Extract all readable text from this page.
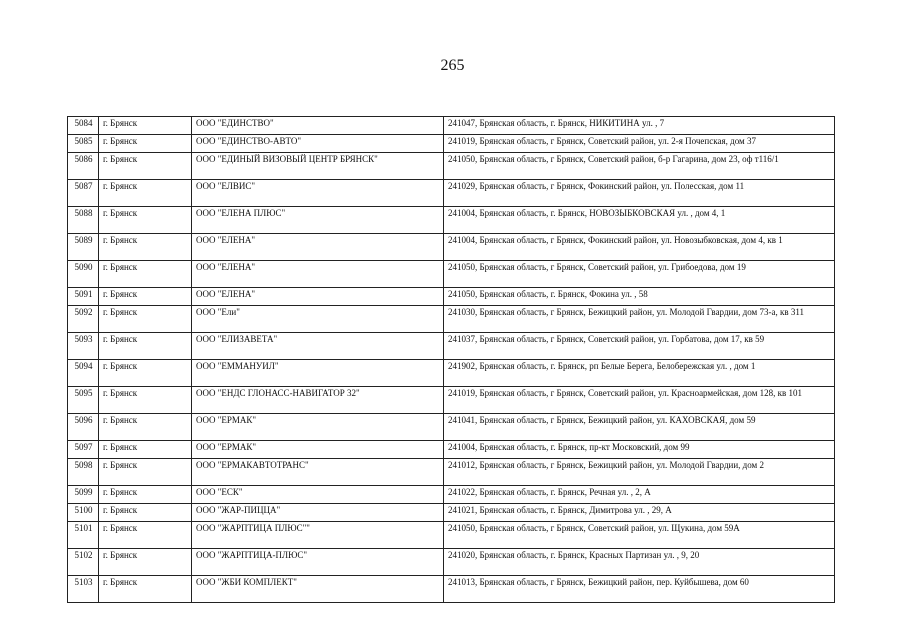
265
5084	г. Брянск	ООО "ЕДИНСТВО"	241047, Брянская область, г. Брянск, НИКИТИНА ул. , 7
5085	г. Брянск	ООО "ЕДИНСТВО-АВТО"	241019, Брянская область, г Брянск, Советский район, ул. 2-я Почепская, дом 37
5086	г. Брянск	ООО "ЕДИНЫЙ ВИЗОВЫЙ ЦЕНТР БРЯНСК"	241050, Брянская область, г Брянск, Советский район, б-р Гагарина, дом 23, оф т116/1
5087	г. Брянск	ООО "ЕЛВИС"	241029, Брянская область, г Брянск, Фокинский район, ул. Полесская, дом 11
5088	г. Брянск	ООО "ЕЛЕНА ПЛЮС"	241004, Брянская область, г. Брянск, НОВОЗЫБКОВСКАЯ ул. , дом 4, 1
5089	г. Брянск	ООО "ЕЛЕНА"	241004, Брянская область, г Брянск, Фокинский район, ул. Новозыбковская, дом 4, кв 1
5090	г. Брянск	ООО "ЕЛЕНА"	241050, Брянская область, г Брянск, Советский район, ул. Грибоедова, дом 19
5091	г. Брянск	ООО "ЕЛЕНА"	241050, Брянская область, г. Брянск, Фокина ул. , 58
5092	г. Брянск	ООО "Ели"	241030, Брянская область, г Брянск, Бежицкий район, ул. Молодой Гвардии, дом 73-а, кв 311
5093	г. Брянск	ООО "ЕЛИЗАВЕТА"	241037, Брянская область, г Брянск, Советский район, ул. Горбатова, дом 17, кв 59
5094	г. Брянск	ООО "ЕММАНУИЛ"	241902, Брянская область, г. Брянск, рп Белые Берега, Белобережская ул. , дом 1
5095	г. Брянск	ООО "ЕНДС ГЛОНАСС-НАВИГАТОР 32"	241019, Брянская область, г Брянск, Советский район, ул. Красноармейская, дом 128, кв 101
5096	г. Брянск	ООО "ЕРМАК"	241041, Брянская область, г Брянск, Бежицкий район, ул. КАХОВСКАЯ, дом 59
5097	г. Брянск	ООО "ЕРМАК"	241004, Брянская область, г. Брянск, пр-кт Московский, дом 99
5098	г. Брянск	ООО "ЕРМАКАВТОТРАНС"	241012, Брянская область, г Брянск, Бежицкий район, ул. Молодой Гвардии, дом 2
5099	г. Брянск	ООО "ЕСК"	241022, Брянская область, г. Брянск, Речная ул. , 2, А
5100	г. Брянск	ООО "ЖАР-ПИЦЦА"	241021, Брянская область, г. Брянск, Димитрова ул. , 29, А
5101	г. Брянск	ООО "ЖАРПТИЦА ПЛЮС""	241050, Брянская область, г Брянск, Советский район, ул. Щукина, дом 59А
5102	г. Брянск	ООО "ЖАРПТИЦА-ПЛЮС"	241020, Брянская область, г. Брянск, Красных Партизан ул. , 9, 20
5103	г. Брянск	ООО "ЖБИ КОМПЛЕКТ"	241013, Брянская область, г Брянск, Бежицкий район, пер. Куйбышева, дом 60
